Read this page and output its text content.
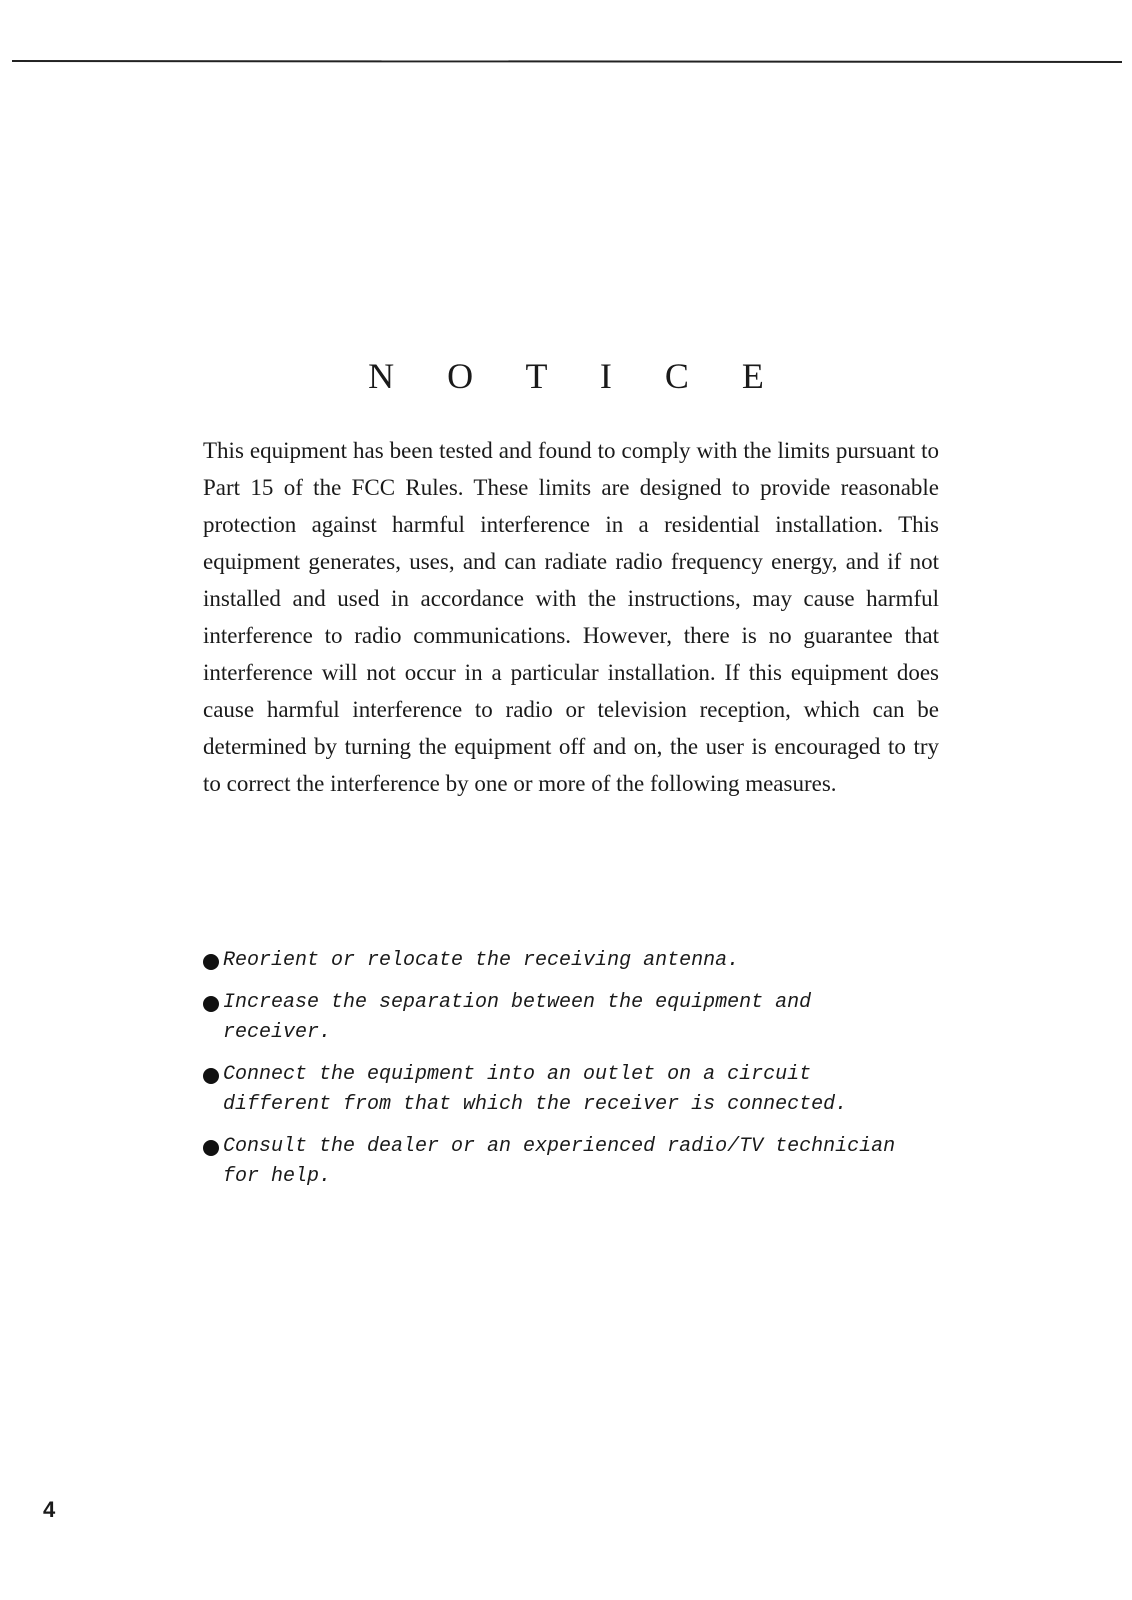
N O T I C E

This equipment has been tested and found to comply with the limits pursuant to Part 15 of the FCC Rules. These limits are designed to provide reasonable protection against harmful interference in a residential installation. This equipment generates, uses, and can radiate radio frequency energy, and if not installed and used in accordance with the instructions, may cause harmful interference to radio communications. However, there is no guarantee that interference will not occur in a particular installation. If this equipment does cause harmful interference to radio or television reception, which can be determined by turning the equipment off and on, the user is encouraged to try to correct the interference by one or more of the following measures.

Reorient or relocate the receiving antenna.
Increase the separation between the equipment and receiver.
Connect the equipment into an outlet on a circuit different from that which the receiver is connected.
Consult the dealer or an experienced radio/TV technician for help.
4
